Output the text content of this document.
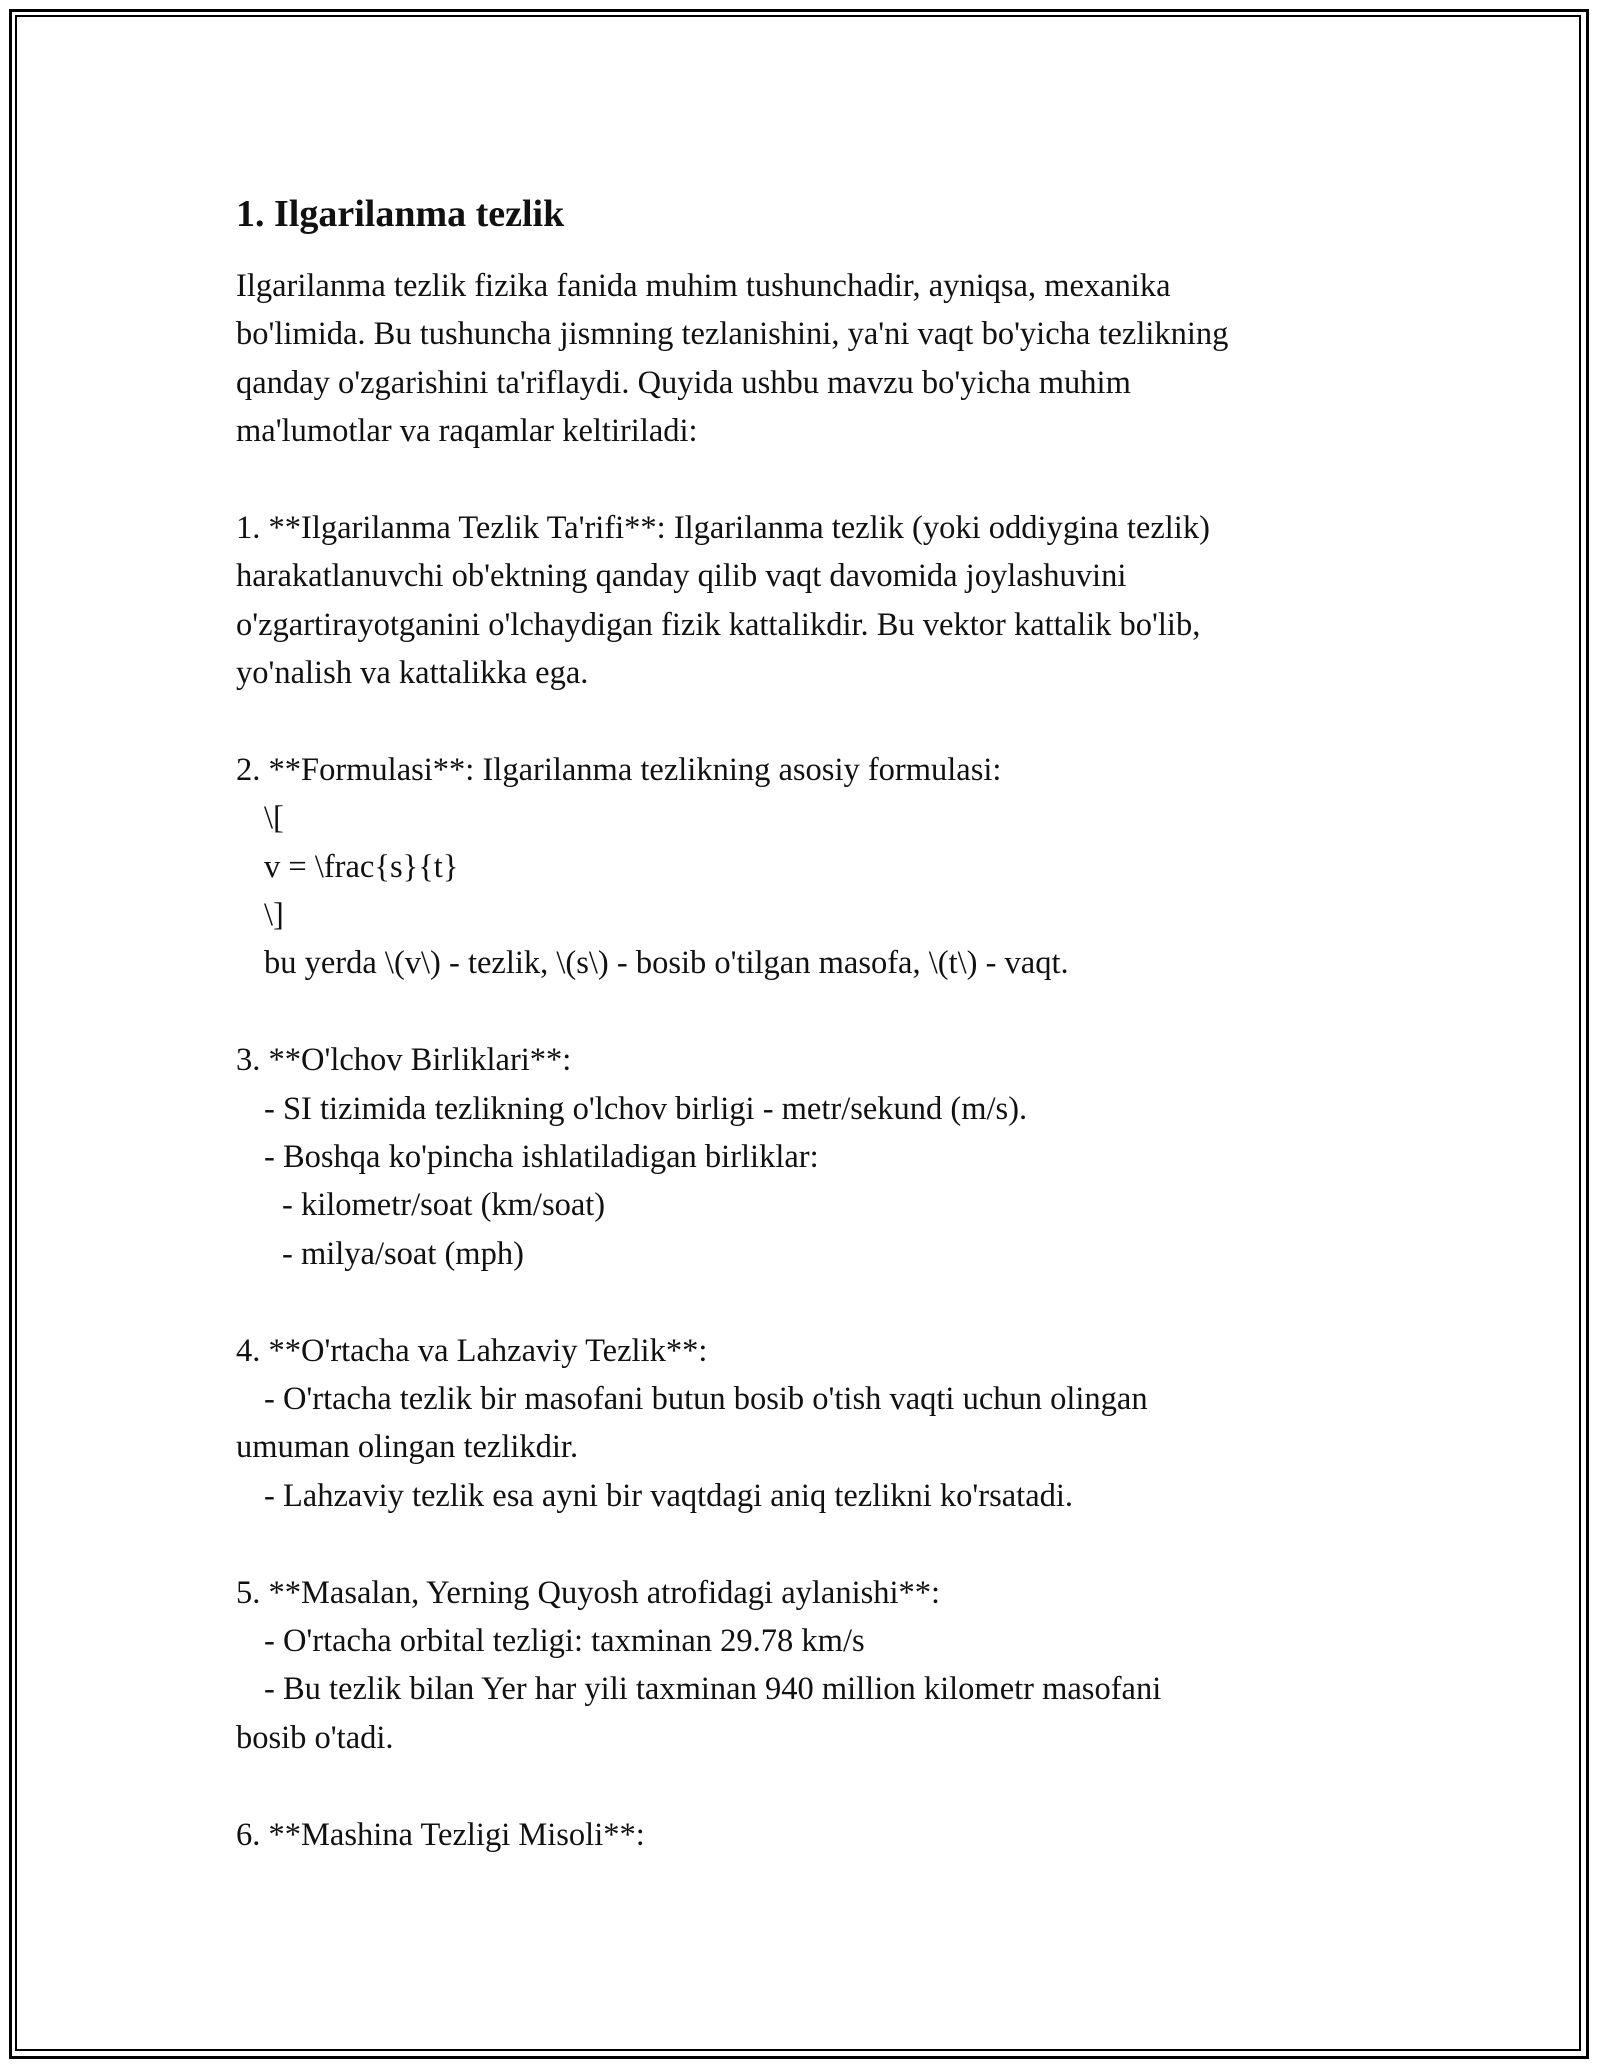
1. Ilgarilanma tezlik
Ilgarilanma tezlik fizika fanida muhim tushunchadir, ayniqsa, mexanika
bo'limida. Bu tushuncha jismning tezlanishini, ya'ni vaqt bo'yicha tezlikning
qanday o'zgarishini ta'riflaydi. Quyida ushbu mavzu bo'yicha muhim
ma'lumotlar va raqamlar keltiriladi:
1. **Ilgarilanma Tezlik Ta'rifi**: Ilgarilanma tezlik (yoki oddiygina tezlik)
harakatlanuvchi ob'ektning qanday qilib vaqt davomida joylashuvini
o'zgartirayotganini o'lchaydigan fizik kattalikdir. Bu vektor kattalik bo'lib,
yo'nalish va kattalikka ega.
2. **Formulasi**: Ilgarilanma tezlikning asosiy formulasi:
\[
v = \frac{s}{t}
\]
bu yerda \(v\) - tezlik, \(s\) - bosib o'tilgan masofa, \(t\) - vaqt.
3. **O'lchov Birliklari**:
- SI tizimida tezlikning o'lchov birligi - metr/sekund (m/s).
- Boshqa ko'pincha ishlatiladigan birliklar:
- kilometr/soat (km/soat)
- milya/soat (mph)
4. **O'rtacha va Lahzaviy Tezlik**:
- O'rtacha tezlik bir masofani butun bosib o'tish vaqti uchun olingan
umuman olingan tezlikdir.
- Lahzaviy tezlik esa ayni bir vaqtdagi aniq tezlikni ko'rsatadi.
5. **Masalan, Yerning Quyosh atrofidagi aylanishi**:
- O'rtacha orbital tezligi: taxminan 29.78 km/s
- Bu tezlik bilan Yer har yili taxminan 940 million kilometr masofani
bosib o'tadi.
6. **Mashina Tezligi Misoli**:
